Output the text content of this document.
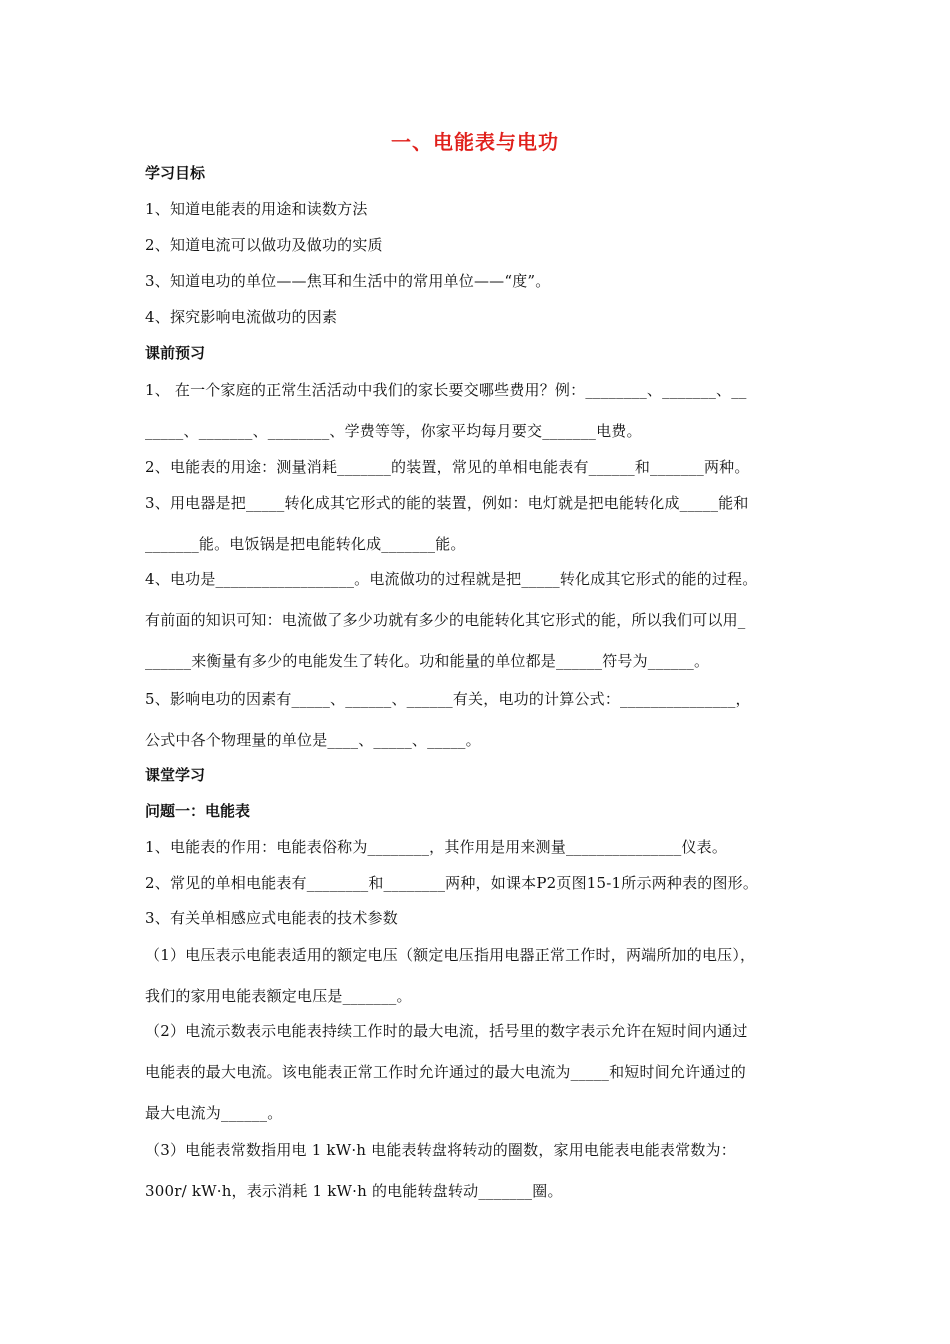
一、电能表与电功
学习目标
1、知道电能表的用途和读数方法
2、知道电流可以做功及做功的实质
3、知道电功的单位——焦耳和生活中的常用单位——“度”。
4、探究影响电流做功的因素
课前预习
1、 在一个家庭的正常生活活动中我们的家长要交哪些费用？例：________、_______、__
_____、_______、________、学费等等，你家平均每月要交_______电费。
2、电能表的用途：测量消耗_______的装置，常见的单相电能表有______和_______两种。
3、用电器是把_____转化成其它形式的能的装置，例如：电灯就是把电能转化成_____能和
_______能。电饭锅是把电能转化成_______能。
4、电功是__________________。电流做功的过程就是把_____转化成其它形式的能的过程。
有前面的知识可知：电流做了多少功就有多少的电能转化其它形式的能，所以我们可以用_
______来衡量有多少的电能发生了转化。功和能量的单位都是______符号为______。
5、影响电功的因素有_____、______、______有关，电功的计算公式：_______________，
公式中各个物理量的单位是____、_____、_____。
课堂学习
问题一：电能表
1、电能表的作用：电能表俗称为________，其作用是用来测量_______________仪表。
2、常见的单相电能表有________和________两种，如课本P2页图15-1所示两种表的图形。
3、有关单相感应式电能表的技术参数
（1）电压表示电能表适用的额定电压（额定电压指用电器正常工作时，两端所加的电压），
我们的家用电能表额定电压是_______。
（2）电流示数表示电能表持续工作时的最大电流，括号里的数字表示允许在短时间内通过
电能表的最大电流。该电能表正常工作时允许通过的最大电流为_____和短时间允许通过的
最大电流为______。
（3）电能表常数指用电 1 kW·h 电能表转盘将转动的圈数，家用电能表电能表常数为：
300r/ kW·h，表示消耗 1 kW·h 的电能转盘转动_______圈。
